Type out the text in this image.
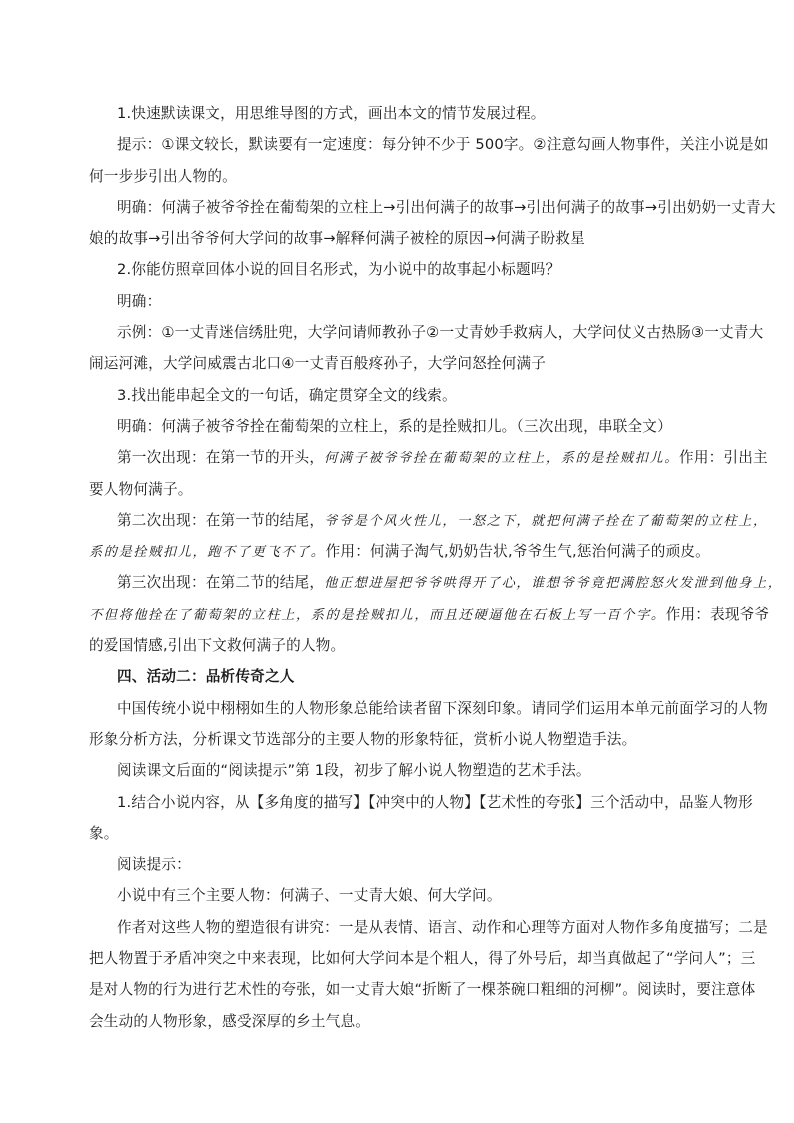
1.快速默读课文，用思维导图的方式，画出本文的情节发展过程。
提示：①课文较长，默读要有一定速度：每分钟不少于 500字。②注意勾画人物事件，关注小说是如
何一步步引出人物的。
明确：何满子被爷爷拴在葡萄架的立柱上→引出何满子的故事→引出何满子的故事→引出奶奶一丈青大
娘的故事→引出爷爷何大学问的故事→解释何满子被栓的原因→何满子盼救星
2.你能仿照章回体小说的回目名形式，为小说中的故事起小标题吗？
明确：
示例：①一丈青迷信绣肚兜，大学问请师教孙子②一丈青妙手救病人，大学问仗义古热肠③一丈青大
闹运河滩，大学问威震古北口④一丈青百般疼孙子，大学问怒拴何满子
3.找出能串起全文的一句话，确定贯穿全文的线索。
明确：何满子被爷爷拴在葡萄架的立柱上，系的是拴贼扣儿。（三次出现，串联全文）
第一次出现：在第一节的开头，何满子被爷爷拴在葡萄架的立柱上，系的是拴贼扣儿。作用：引出主
要人物何满子。
第二次出现：在第一节的结尾，爷爷是个风火性儿，一怒之下，就把何满子拴在了葡萄架的立柱上，
系的是拴贼扣儿，跑不了更飞不了。作用：何满子淘气,奶奶告状,爷爷生气,惩治何满子的顽皮。
第三次出现：在第二节的结尾，他正想进屋把爷爷哄得开了心，谁想爷爷竟把满腔怒火发泄到他身上，
不但将他拴在了葡萄架的立柱上，系的是拴贼扣儿，而且还硬逼他在石板上写一百个字。作用：表现爷爷
的爱国情感,引出下文救何满子的人物。
四、活动二：品析传奇之人
中国传统小说中栩栩如生的人物形象总能给读者留下深刻印象。请同学们运用本单元前面学习的人物
形象分析方法，分析课文节选部分的主要人物的形象特征，赏析小说人物塑造手法。
阅读课文后面的“阅读提示”第 1段，初步了解小说人物塑造的艺术手法。
1.结合小说内容，从【多角度的描写】【冲突中的人物】【艺术性的夸张】三个活动中，品鉴人物形
象。
阅读提示：
小说中有三个主要人物：何满子、一丈青大娘、何大学问。
作者对这些人物的塑造很有讲究：一是从表情、语言、动作和心理等方面对人物作多角度描写；二是
把人物置于矛盾冲突之中来表现，比如何大学问本是个粗人，得了外号后，却当真做起了“学问人”；三
是对人物的行为进行艺术性的夸张，如一丈青大娘“折断了一棵茶碗口粗细的河柳”。阅读时，要注意体
会生动的人物形象，感受深厚的乡土气息。
